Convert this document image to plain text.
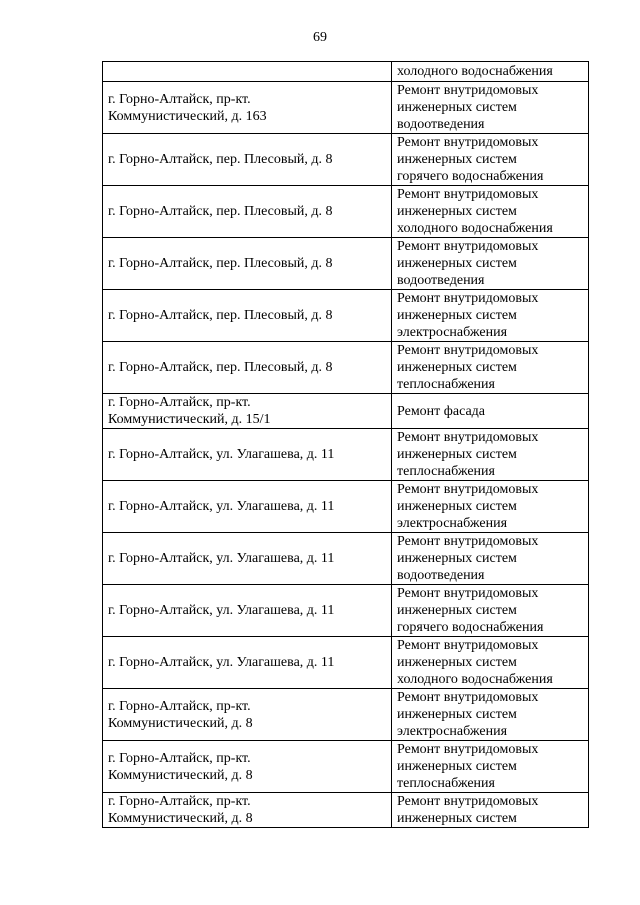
69

	холодного водоснабжения

г. Горно-Алтайск, пр-кт.
Коммунистический, д. 163	Ремонт внутридомовых
инженерных систем
водоотведения

г. Горно-Алтайск, пер. Плесовый, д. 8	Ремонт внутридомовых
инженерных систем
горячего водоснабжения

г. Горно-Алтайск, пер. Плесовый, д. 8	Ремонт внутридомовых
инженерных систем
холодного водоснабжения

г. Горно-Алтайск, пер. Плесовый, д. 8	Ремонт внутридомовых
инженерных систем
водоотведения

г. Горно-Алтайск, пер. Плесовый, д. 8	Ремонт внутридомовых
инженерных систем
электроснабжения

г. Горно-Алтайск, пер. Плесовый, д. 8	Ремонт внутридомовых
инженерных систем
теплоснабжения

г. Горно-Алтайск, пр-кт.
Коммунистический, д. 15/1	Ремонт фасада

г. Горно-Алтайск, ул. Улагашева, д. 11	Ремонт внутридомовых
инженерных систем
теплоснабжения

г. Горно-Алтайск, ул. Улагашева, д. 11	Ремонт внутридомовых
инженерных систем
электроснабжения

г. Горно-Алтайск, ул. Улагашева, д. 11	Ремонт внутридомовых
инженерных систем
водоотведения

г. Горно-Алтайск, ул. Улагашева, д. 11	Ремонт внутридомовых
инженерных систем
горячего водоснабжения

г. Горно-Алтайск, ул. Улагашева, д. 11	Ремонт внутридомовых
инженерных систем
холодного водоснабжения

г. Горно-Алтайск, пр-кт.
Коммунистический, д. 8	Ремонт внутридомовых
инженерных систем
электроснабжения

г. Горно-Алтайск, пр-кт.
Коммунистический, д. 8	Ремонт внутридомовых
инженерных систем
теплоснабжения

г. Горно-Алтайск, пр-кт.
Коммунистический, д. 8	Ремонт внутридомовых
инженерных систем
